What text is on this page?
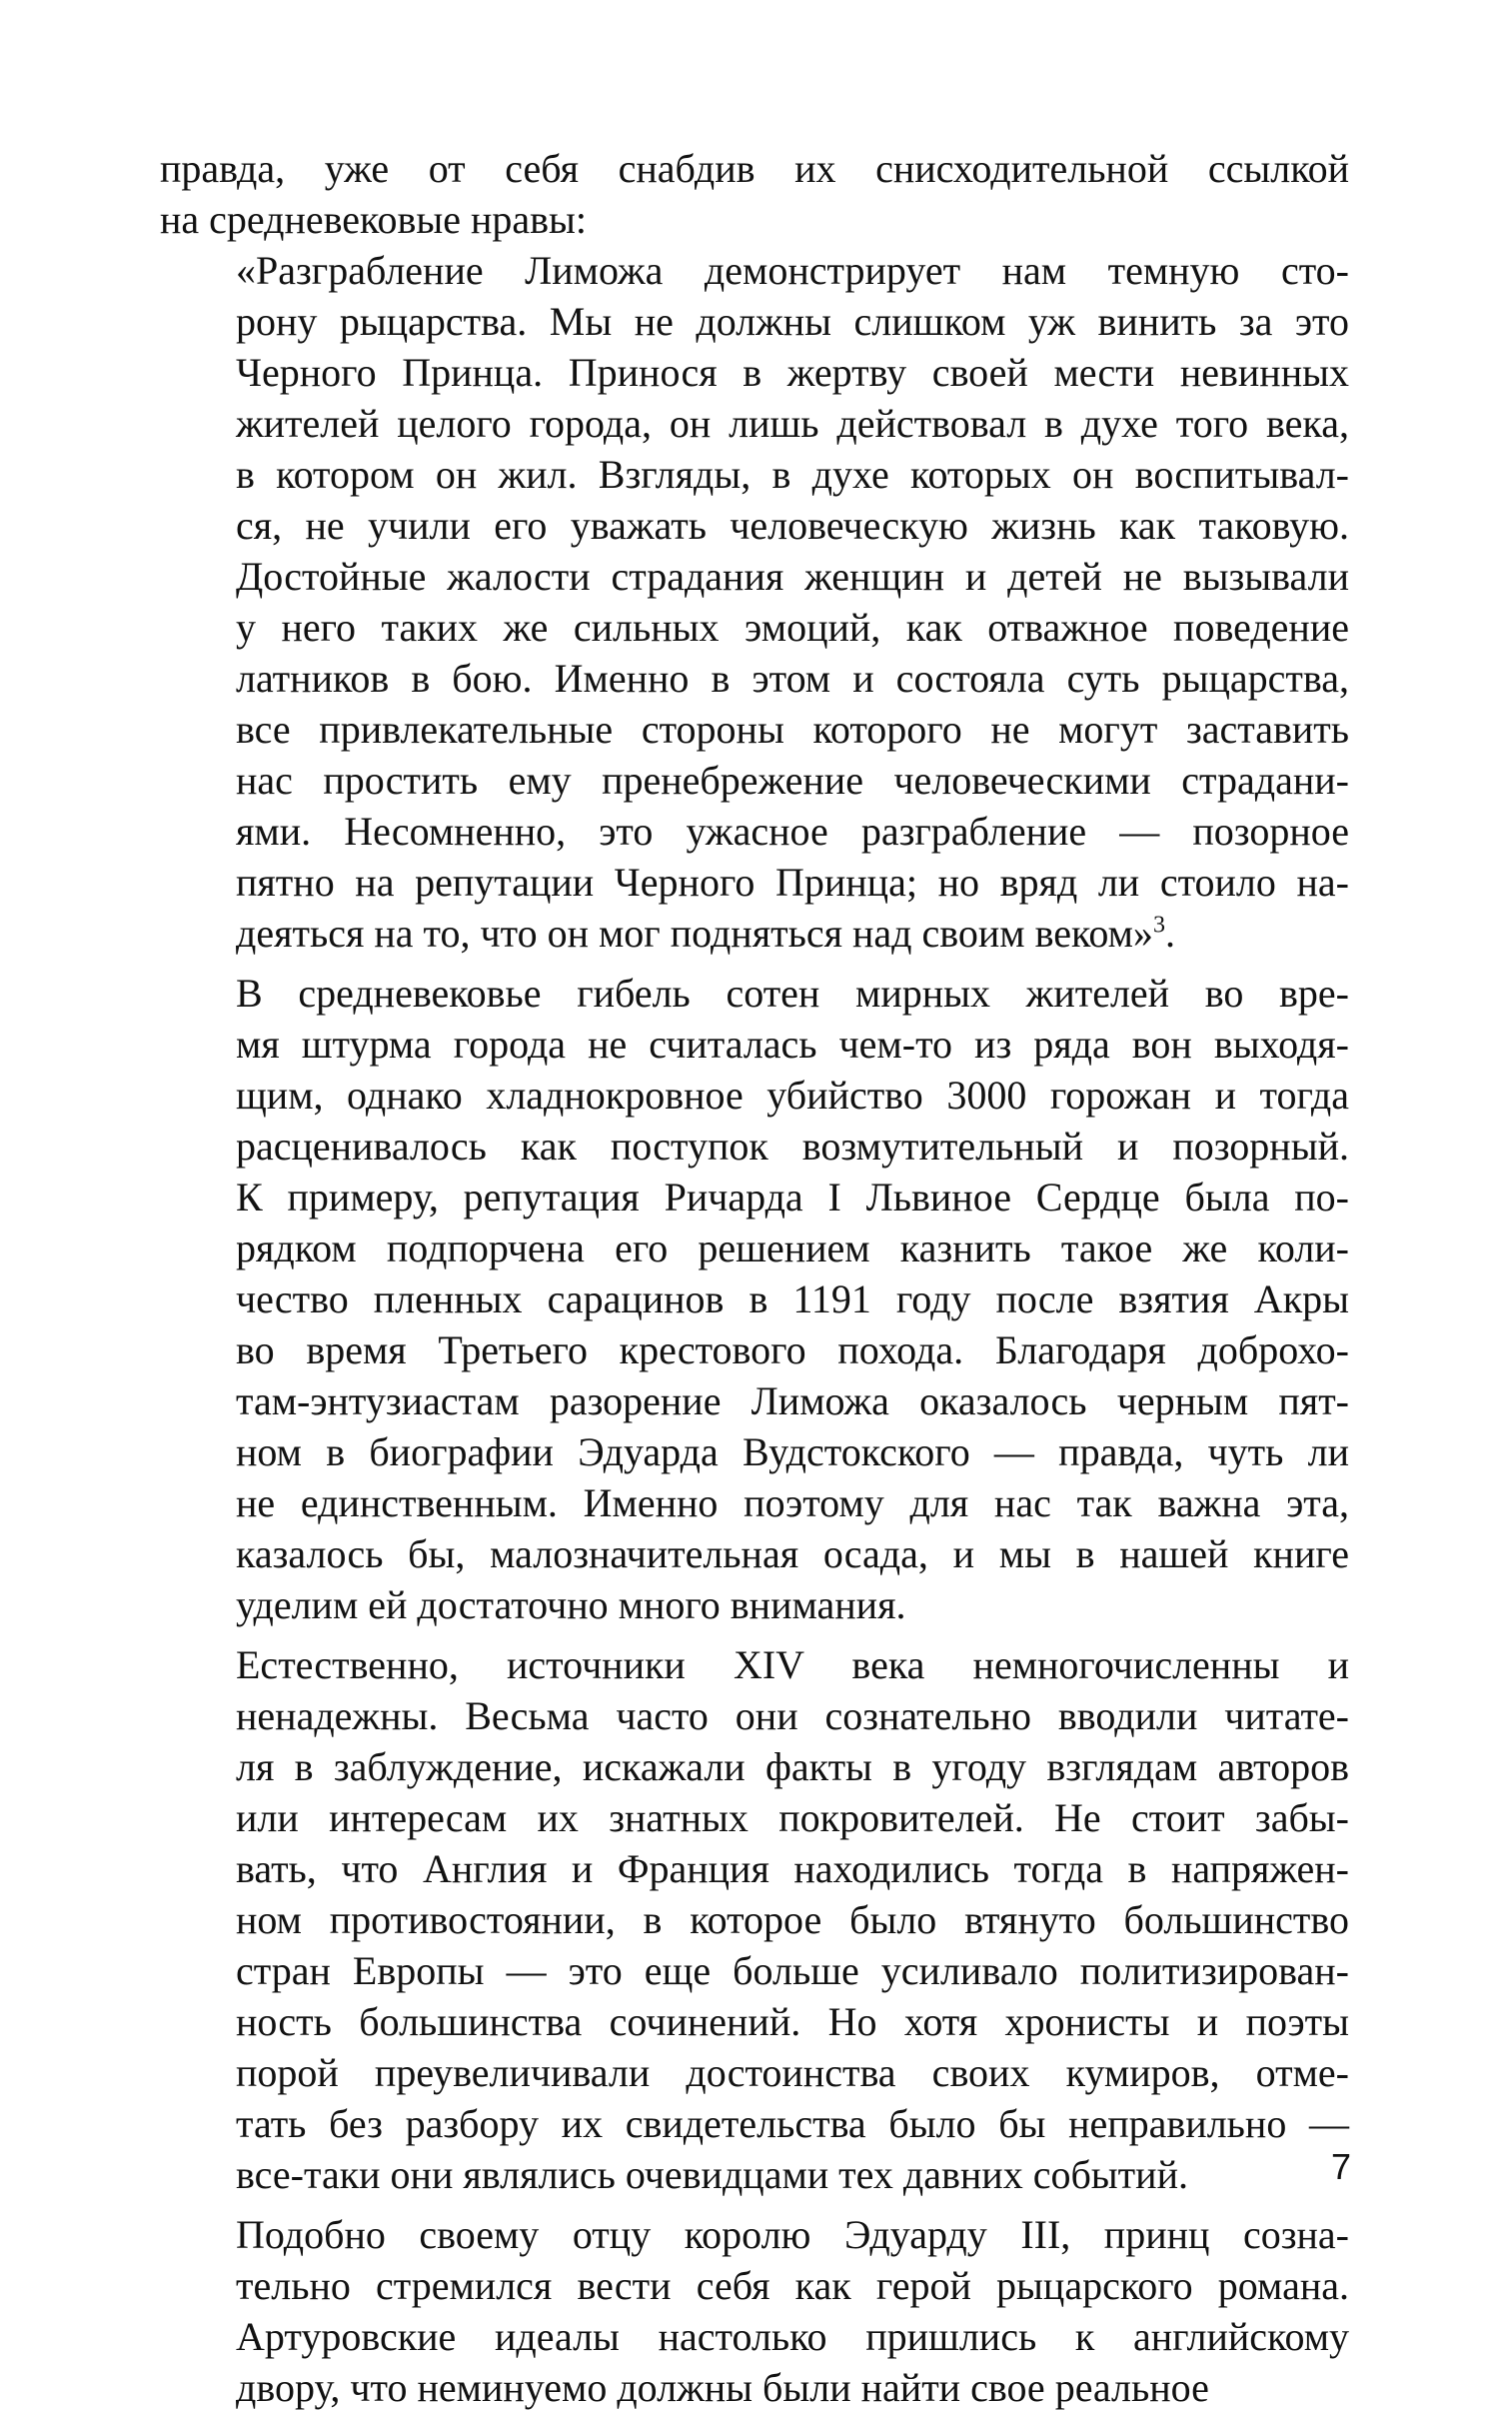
правда, уже от себя снабдив их снисходительной ссылкой
на средневековые нравы:

«Разграбление Лиможа демонстрирует нам темную сто-
рону рыцарства. Мы не должны слишком уж винить за это
Черного Принца. Принося в жертву своей мести невинных
жителей целого города, он лишь действовал в духе того века,
в котором он жил. Взгляды, в духе которых он воспитывал-
ся, не учили его уважать человеческую жизнь как таковую.
Достойные жалости страдания женщин и детей не вызывали
у него таких же сильных эмоций, как отважное поведение
латников в бою. Именно в этом и состояла суть рыцарства,
все привлекательные стороны которого не могут заставить
нас простить ему пренебрежение человеческими страдани-
ями. Несомненно, это ужасное разграбление — позорное
пятно на репутации Черного Принца; но вряд ли стоило на-
деяться на то, что он мог подняться над своим веком»$^3$.

В средневековье гибель сотен мирных жителей во вре-
мя штурма города не считалась чем-то из ряда вон выходя-
щим, однако хладнокровное убийство 3000 горожан и тогда
расценивалось как поступок возмутительный и позорный.
К примеру, репутация Ричарда I Львиное Сердце была по-
рядком подпорчена его решением казнить такое же коли-
чество пленных сарацинов в 1191 году после взятия Акры
во время Третьего крестового похода. Благодаря доброхо-
там-энтузиастам разорение Лиможа оказалось черным пят-
ном в биографии Эдуарда Вудстокского — правда, чуть ли
не единственным. Именно поэтому для нас так важна эта,
казалось бы, малозначительная осада, и мы в нашей книге
уделим ей достаточно много внимания.

Естественно, источники XIV века немногочисленны и
ненадежны. Весьма часто они сознательно вводили читате-
ля в заблуждение, искажали факты в угоду взглядам авторов
или интересам их знатных покровителей. Не стоит забы-
вать, что Англия и Франция находились тогда в напряжен-
ном противостоянии, в которое было втянуто большинство
стран Европы — это еще больше усиливало политизирован-
ность большинства сочинений. Но хотя хронисты и поэты
порой преувеличивали достоинства своих кумиров, отме-
тать без разбору их свидетельства было бы неправильно —
все-таки они являлись очевидцами тех давних событий.

Подобно своему отцу королю Эдуарду III, принц созна-
тельно стремился вести себя как герой рыцарского романа.
Артуровские идеалы настолько пришлись к английскому
двору, что неминуемо должны были найти свое реальное

7
